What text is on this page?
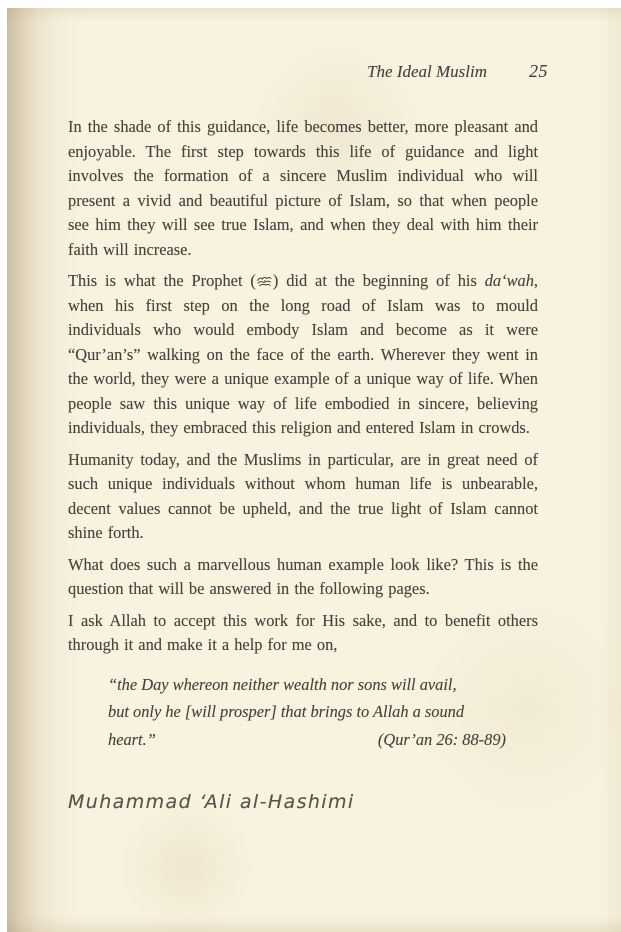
The Ideal Muslim 25

In the shade of this guidance, life becomes better, more pleasant and enjoyable. The first step towards this life of guidance and light involves the formation of a sincere Muslim individual who will present a vivid and beautiful picture of Islam, so that when people see him they will see true Islam, and when they deal with him their faith will increase.

This is what the Prophet ( ) did at the beginning of his da‘wah, when his first step on the long road of Islam was to mould individuals who would embody Islam and become as it were “Qur’an’s” walking on the face of the earth. Wherever they went in the world, they were a unique example of a unique way of life. When people saw this unique way of life embodied in sincere, believing individuals, they embraced this religion and entered Islam in crowds.

Humanity today, and the Muslims in particular, are in great need of such unique individuals without whom human life is unbearable, decent values cannot be upheld, and the true light of Islam cannot shine forth.

What does such a marvellous human example look like? This is the question that will be answered in the following pages.

I ask Allah to accept this work for His sake, and to benefit others through it and make it a help for me on,

“the Day whereon neither wealth nor sons will avail,
but only he [will prosper] that brings to Allah a sound
heart.”	(Qur’an 26: 88-89)
Muhammad ‘Ali al-Hashimi
